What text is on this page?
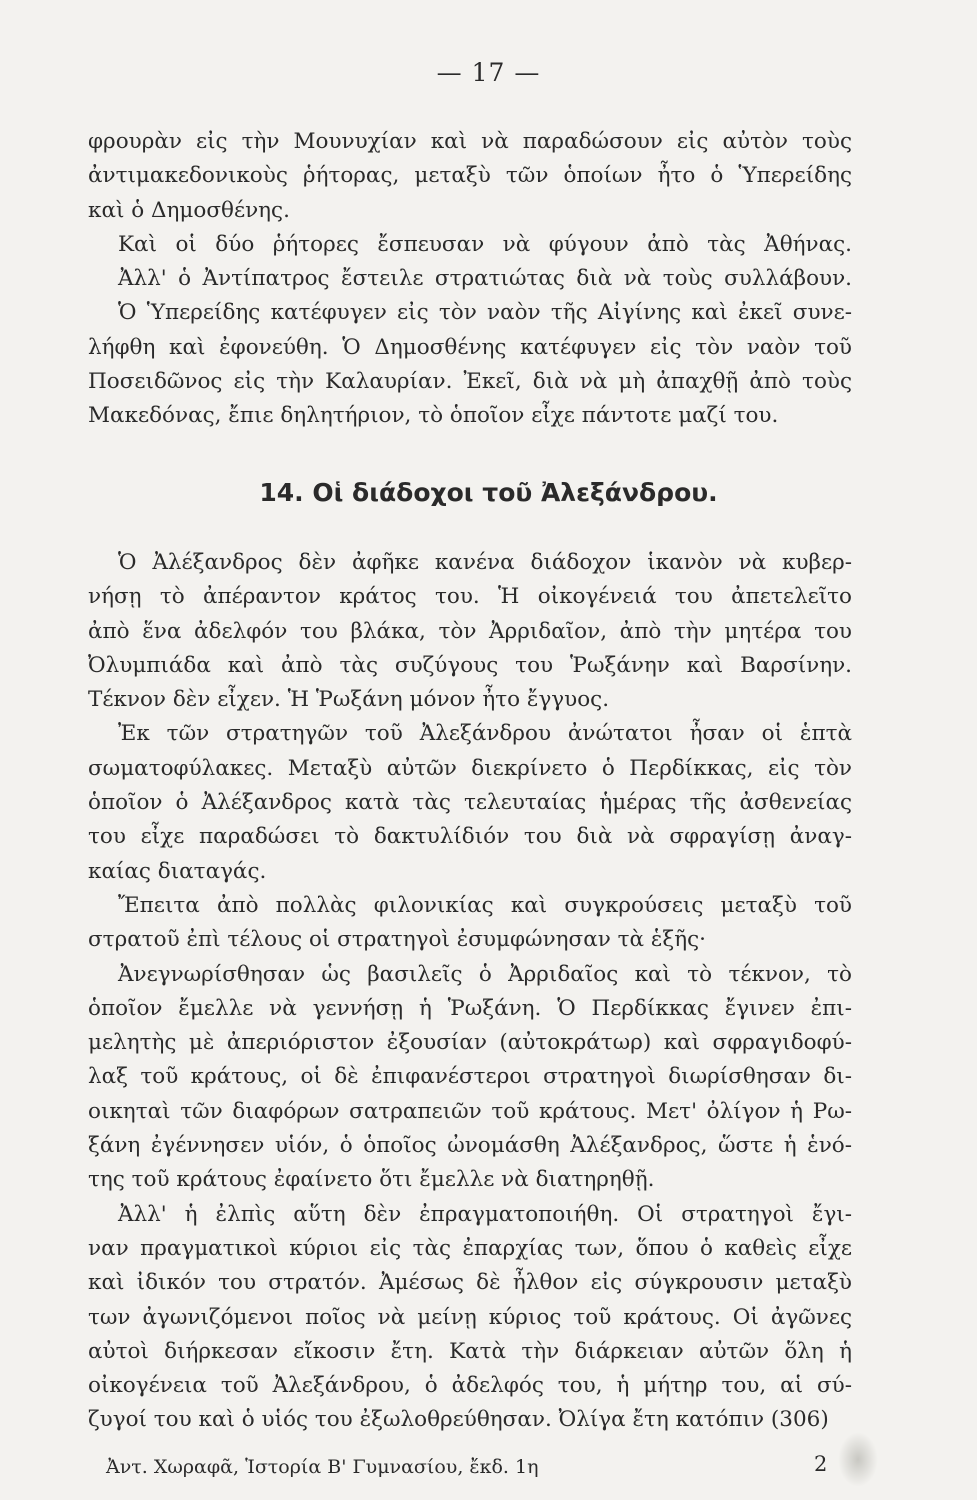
— 17 —
φρουρὰν εἰς τὴν Μουνυχίαν καὶ νὰ παραδώσουν εἰς αὐτὸν τοὺς
ἀντιμακεδονικοὺς ῥήτορας, μεταξὺ τῶν ὁποίων ἦτο ὁ Ὑπερείδης
καὶ ὁ Δημοσθένης.
Καὶ οἱ δύο ῥήτορες ἔσπευσαν νὰ φύγουν ἀπὸ τὰς Ἀθήνας.
Ἀλλ' ὁ Ἀντίπατρος ἔστειλε στρατιώτας διὰ νὰ τοὺς συλλάβουν.
Ὁ Ὑπερείδης κατέφυγεν εἰς τὸν ναὸν τῆς Αἰγίνης καὶ ἐκεῖ συνε-
λήφθη καὶ ἐφονεύθη. Ὁ Δημοσθένης κατέφυγεν εἰς τὸν ναὸν τοῦ
Ποσειδῶνος εἰς τὴν Καλαυρίαν. Ἐκεῖ, διὰ νὰ μὴ ἀπαχθῇ ἀπὸ τοὺς
Μακεδόνας, ἔπιε δηλητήριον, τὸ ὁποῖον εἶχε πάντοτε μαζί του.
14. Οἱ διάδοχοι τοῦ Ἀλεξάνδρου.
Ὁ Ἀλέξανδρος δὲν ἀφῆκε κανένα διάδοχον ἱκανὸν νὰ κυβερ-
νήσῃ τὸ ἀπέραντον κράτος του. Ἡ οἰκογένειά του ἀπετελεῖτο
ἀπὸ ἕνα ἀδελφόν του βλάκα, τὸν Ἀρριδαῖον, ἀπὸ τὴν μητέρα του
Ὀλυμπιάδα καὶ ἀπὸ τὰς συζύγους του Ῥωξάνην καὶ Βαρσίνην.
Τέκνον δὲν εἶχεν. Ἡ Ῥωξάνη μόνον ἦτο ἔγγυος.
Ἐκ τῶν στρατηγῶν τοῦ Ἀλεξάνδρου ἀνώτατοι ἦσαν οἱ ἑπτὰ
σωματοφύλακες. Μεταξὺ αὐτῶν διεκρίνετο ὁ Περδίκκας, εἰς τὸν
ὁποῖον ὁ Ἀλέξανδρος κατὰ τὰς τελευταίας ἡμέρας τῆς ἀσθενείας
του εἶχε παραδώσει τὸ δακτυλίδιόν του διὰ νὰ σφραγίσῃ ἀναγ-
καίας διαταγάς.
Ἔπειτα ἀπὸ πολλὰς φιλονικίας καὶ συγκρούσεις μεταξὺ τοῦ
στρατοῦ ἐπὶ τέλους οἱ στρατηγοὶ ἐσυμφώνησαν τὰ ἑξῆς·
Ἀνεγνωρίσθησαν ὡς βασιλεῖς ὁ Ἀρριδαῖος καὶ τὸ τέκνον, τὸ
ὁποῖον ἔμελλε νὰ γεννήσῃ ἡ Ῥωξάνη. Ὁ Περδίκκας ἔγινεν ἐπι-
μελητὴς μὲ ἀπεριόριστον ἐξουσίαν (αὐτοκράτωρ) καὶ σφραγιδοφύ-
λαξ τοῦ κράτους, οἱ δὲ ἐπιφανέστεροι στρατηγοὶ διωρίσθησαν δι-
οικηταὶ τῶν διαφόρων σατραπειῶν τοῦ κράτους. Μετ' ὀλίγον ἡ Ρω-
ξάνη ἐγέννησεν υἱόν, ὁ ὁποῖος ὠνομάσθη Ἀλέξανδρος, ὥστε ἡ ἑνό-
της τοῦ κράτους ἐφαίνετο ὅτι ἔμελλε νὰ διατηρηθῇ.
Ἀλλ' ἡ ἐλπὶς αὕτη δὲν ἐπραγματοποιήθη. Οἱ στρατηγοὶ ἔγι-
ναν πραγματικοὶ κύριοι εἰς τὰς ἐπαρχίας των, ὅπου ὁ καθεὶς εἶχε
καὶ ἰδικόν του στρατόν. Ἀμέσως δὲ ἦλθον εἰς σύγκρουσιν μεταξὺ
των ἀγωνιζόμενοι ποῖος νὰ μείνῃ κύριος τοῦ κράτους. Οἱ ἀγῶνες
αὐτοὶ διήρκεσαν εἴκοσιν ἔτη. Κατὰ τὴν διάρκειαν αὐτῶν ὅλη ἡ
οἰκογένεια τοῦ Ἀλεξάνδρου, ὁ ἀδελφός του, ἡ μήτηρ του, αἱ σύ-
ζυγοί του καὶ ὁ υἱός του ἐξωλοθρεύθησαν. Ὀλίγα ἔτη κατόπιν (306)
Ἀντ. Χωραφᾶ, Ἱστορία Β' Γυμνασίου, ἔκδ. 1η	2
